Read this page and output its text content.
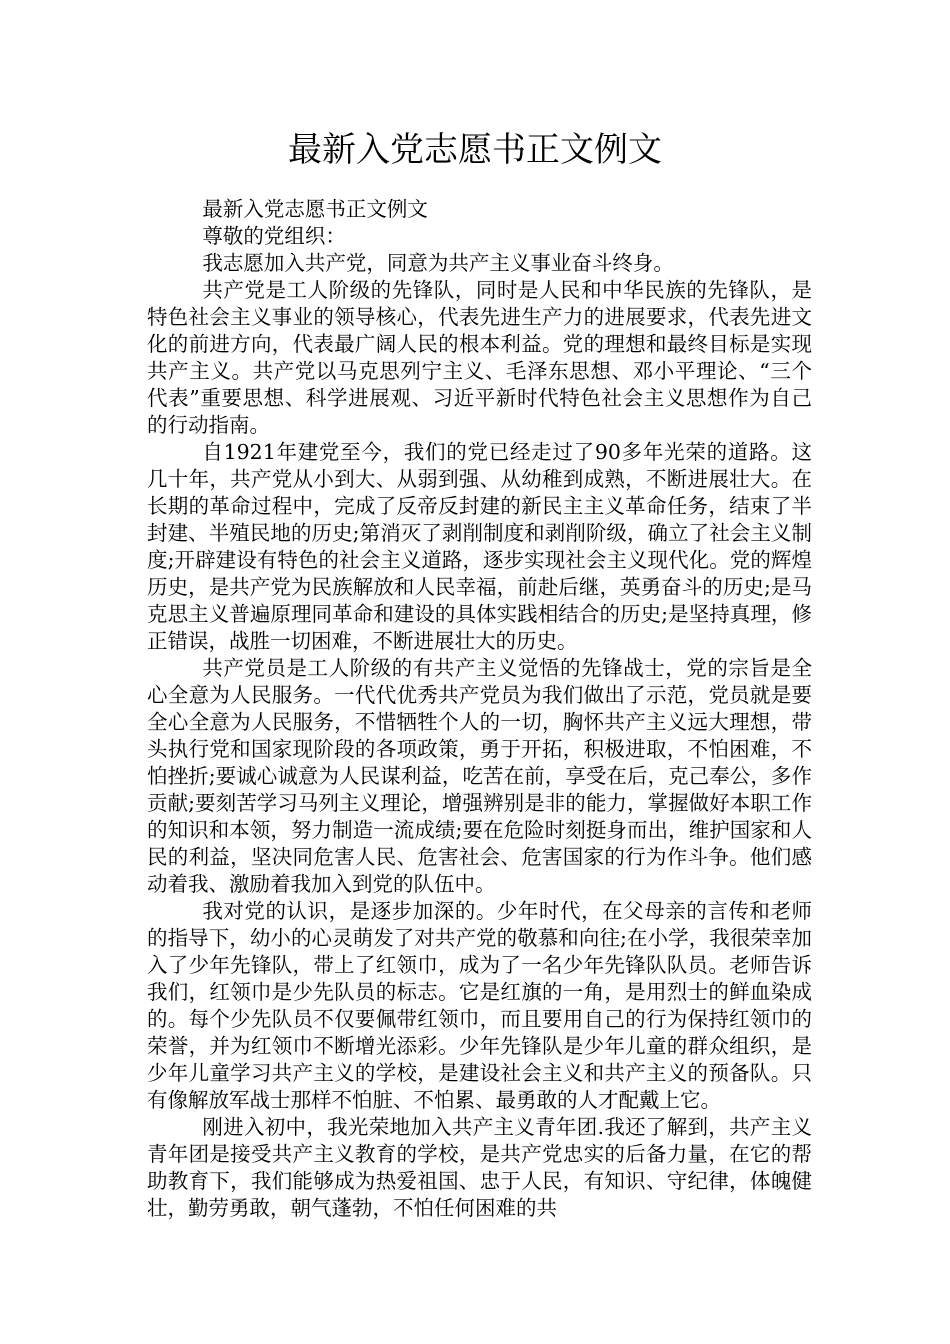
最新入党志愿书正文例文

最新入党志愿书正文例文

尊敬的党组织：

我志愿加入共产党，同意为共产主义事业奋斗终身。

共产党是工人阶级的先锋队，同时是人民和中华民族的先锋队，是特色社会主义事业的领导核心，代表先进生产力的进展要求，代表先进文化的前进方向，代表最广阔人民的根本利益。党的理想和最终目标是实现共产主义。共产党以马克思列宁主义、毛泽东思想、邓小平理论、“三个代表”重要思想、科学进展观、习近平新时代特色社会主义思想作为自己的行动指南。

自1921年建党至今，我们的党已经走过了90多年光荣的道路。这几十年，共产党从小到大、从弱到强、从幼稚到成熟，不断进展壮大。在长期的革命过程中，完成了反帝反封建的新民主主义革命任务，结束了半封建、半殖民地的历史;第消灭了剥削制度和剥削阶级，确立了社会主义制度;开辟建设有特色的社会主义道路，逐步实现社会主义现代化。党的辉煌历史，是共产党为民族解放和人民幸福，前赴后继，英勇奋斗的历史;是马克思主义普遍原理同革命和建设的具体实践相结合的历史;是坚持真理，修正错误，战胜一切困难，不断进展壮大的历史。

共产党员是工人阶级的有共产主义觉悟的先锋战士，党的宗旨是全心全意为人民服务。一代代优秀共产党员为我们做出了示范，党员就是要全心全意为人民服务，不惜牺牲个人的一切，胸怀共产主义远大理想，带头执行党和国家现阶段的各项政策，勇于开拓，积极进取，不怕困难，不怕挫折;要诚心诚意为人民谋利益，吃苦在前，享受在后，克己奉公，多作贡献;要刻苦学习马列主义理论，增强辨别是非的能力，掌握做好本职工作的知识和本领，努力制造一流成绩;要在危险时刻挺身而出，维护国家和人民的利益，坚决同危害人民、危害社会、危害国家的行为作斗争。他们感动着我、激励着我加入到党的队伍中。

我对党的认识，是逐步加深的。少年时代，在父母亲的言传和老师的指导下，幼小的心灵萌发了对共产党的敬慕和向往;在小学，我很荣幸加入了少年先锋队，带上了红领巾，成为了一名少年先锋队队员。老师告诉我们，红领巾是少先队员的标志。它是红旗的一角，是用烈士的鲜血染成的。每个少先队员不仅要佩带红领巾，而且要用自己的行为保持红领巾的荣誉，并为红领巾不断增光添彩。少年先锋队是少年儿童的群众组织，是少年儿童学习共产主义的学校，是建设社会主义和共产主义的预备队。只有像解放军战士那样不怕脏、不怕累、最勇敢的人才配戴上它。

刚进入初中，我光荣地加入共产主义青年团.我还了解到，共产主义青年团是接受共产主义教育的学校，是共产党忠实的后备力量，在它的帮助教育下，我们能够成为热爱祖国、忠于人民，有知识、守纪律，体魄健壮，勤劳勇敢，朝气蓬勃，不怕任何困难的共
